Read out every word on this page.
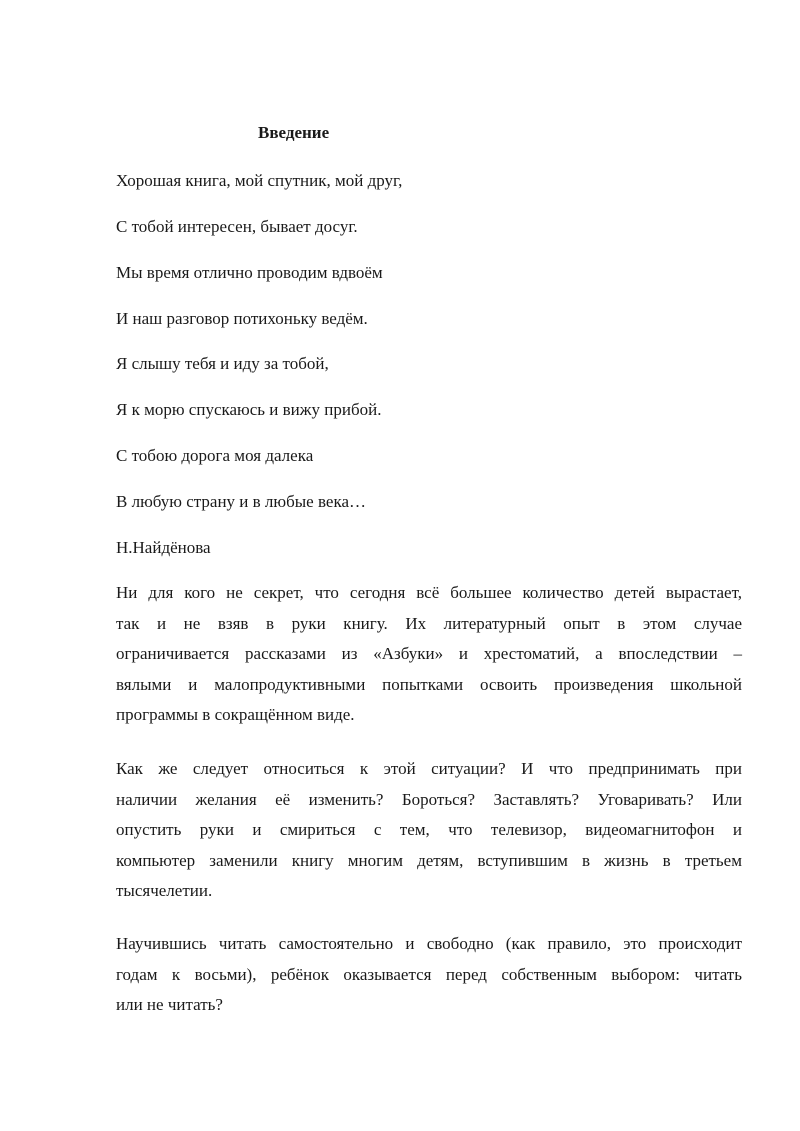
Введение

Хорошая книга, мой спутник, мой друг,

С тобой интересен, бывает досуг.

Мы время отлично проводим вдвоём

И наш разговор потихоньку ведём.

Я слышу тебя и иду за тобой,

Я к морю спускаюсь и вижу прибой.

С тобою дорога моя далека

В любую страну и в любые века…

Н.Найдёнова

Ни для кого не секрет, что сегодня всё большее количество детей вырастает,
так и не взяв в руки книгу. Их литературный опыт в этом случае
ограничивается рассказами из «Азбуки» и хрестоматий, а впоследствии –
вялыми и малопродуктивными попытками освоить произведения школьной
программы в сокращённом виде.
Как же следует относиться к этой ситуации? И что предпринимать при
наличии желания её изменить? Бороться? Заставлять? Уговаривать? Или
опустить руки и смириться с тем, что телевизор, видеомагнитофон и
компьютер заменили книгу многим детям, вступившим в жизнь в третьем
тысячелетии.
Научившись читать самостоятельно и свободно (как правило, это происходит
годам к восьми), ребёнок оказывается перед собственным выбором: читать
или не читать?
